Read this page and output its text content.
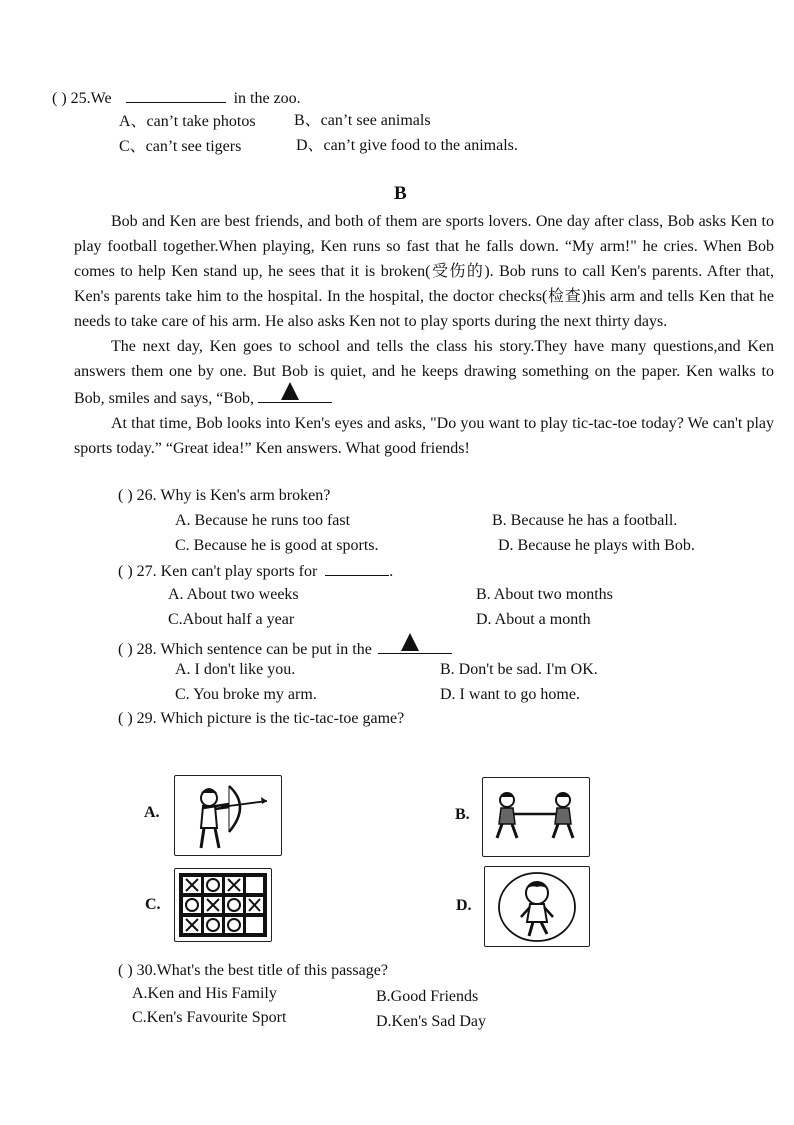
( ) 25.We	in the zoo.
A、can’t take photos B、can’t see animals
C、can’t see tigers	D、can’t give food to the animals.
B

Bob and Ken are best friends, and both of them are sports lovers. One day after class, Bob asks Ken to play football together.When playing, Ken runs so fast that he falls down. “My arm!" he cries. When Bob comes to help Ken stand up, he sees that it is broken(受伤的). Bob runs to call Ken's parents. After that, Ken's parents take him to the hospital. In the hospital, the doctor checks(检查)his arm and tells Ken that he needs to take care of his arm. He also asks Ken not to play sports during the next thirty days.

The next day, Ken goes to school and tells the class his story.They have many questions,and Ken answers them one by one. But Bob is quiet, and he keeps drawing something on the paper. Ken walks to Bob, smiles and says, “Bob,

At that time, Bob looks into Ken's eyes and asks, "Do you want to play tic-tac-toe today? We can't play sports today.” “Great idea!” Ken answers. What good friends!

( ) 26. Why is Ken's arm broken?
A. Because he runs too fast	B. Because he has a football.
C. Because he is good at sports.	D. Because he plays with Bob.
( ) 27. Ken can't play sports for	.
A. About two weeks	B. About two months
C.About half a year	D. About a month
( ) 28. Which sentence can be put in the
A. I don't like you.	B. Don't be sad. I'm OK.
C. You broke my arm.	D. I want to go home.
( ) 29. Which picture is the tic-tac-toe game?
A.	B.
C.	D.
( ) 30.What's the best title of this passage?
A.Ken and His Family	B.Good Friends
C.Ken's Favourite Sport	D.Ken's Sad Day
